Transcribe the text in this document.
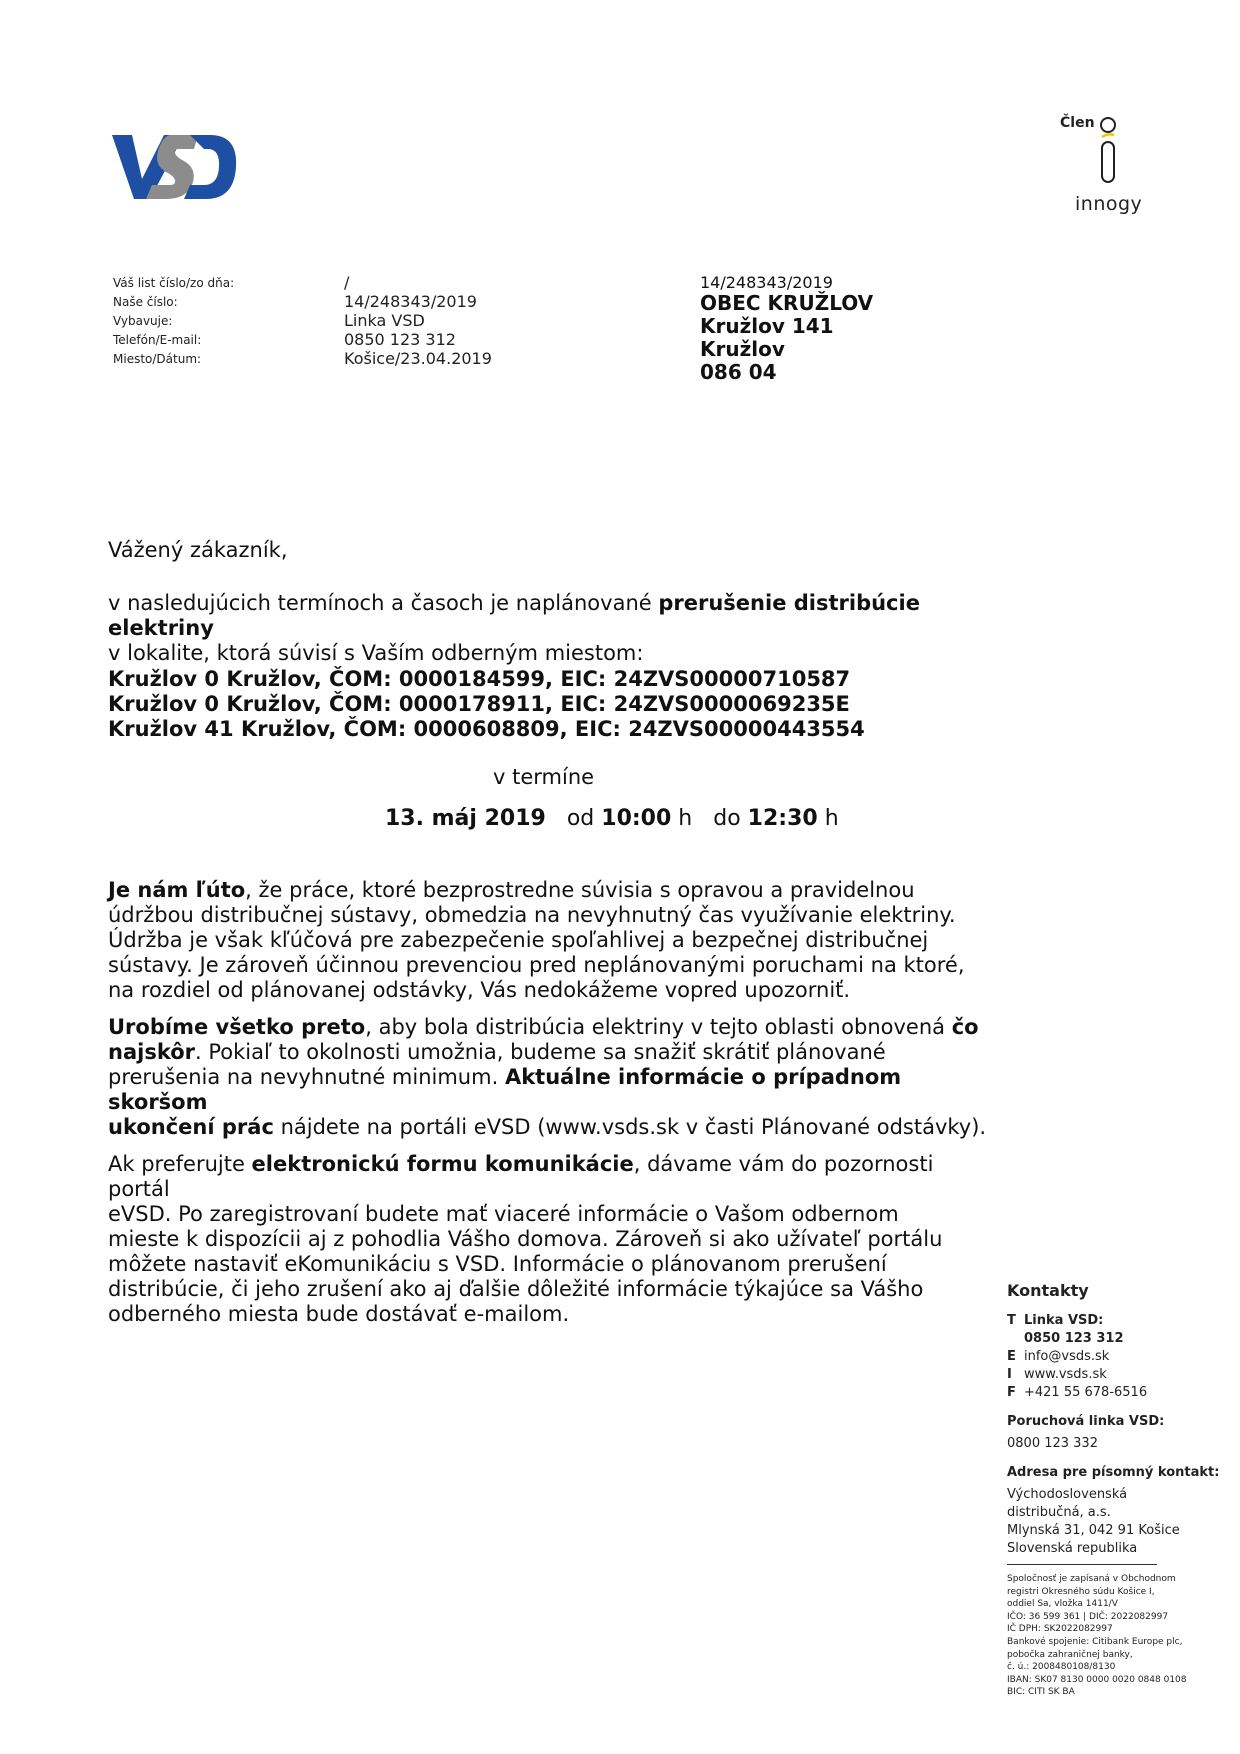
Člen
innogy
Váš list číslo/zo dňa:
Naše číslo:
Vybavuje:
Telefón/E-mail:
Miesto/Dátum:
/
14/248343/2019
Linka VSD
0850 123 312
Košice/23.04.2019
14/248343/2019
OBEC KRUŽLOV
Kružlov 141
Kružlov
086 04
Vážený zákazník,
v nasledujúcich termínoch a časoch je naplánované prerušenie distribúcie elektriny
v lokalite, ktorá súvisí s Vaším odberným miestom:
Kružlov 0 Kružlov, ČOM: 0000184599, EIC: 24ZVS00000710587
Kružlov 0 Kružlov, ČOM: 0000178911, EIC: 24ZVS0000069235E
Kružlov 41 Kružlov, ČOM: 0000608809, EIC: 24ZVS00000443554
v termíne
13. máj 2019 od 10:00 h do 12:30 h
Je nám ľúto, že práce, ktoré bezprostredne súvisia s opravou a pravidelnou
údržbou distribučnej sústavy, obmedzia na nevyhnutný čas využívanie elektriny.
Údržba je však kľúčová pre zabezpečenie spoľahlivej a bezpečnej distribučnej
sústavy. Je zároveň účinnou prevenciou pred neplánovanými poruchami na ktoré,
na rozdiel od plánovanej odstávky, Vás nedokážeme vopred upozorniť.
Urobíme všetko preto, aby bola distribúcia elektriny v tejto oblasti obnovená čo
najskôr. Pokiaľ to okolnosti umožnia, budeme sa snažiť skrátiť plánované
prerušenia na nevyhnutné minimum. Aktuálne informácie o prípadnom skoršom
ukončení prác nájdete na portáli eVSD (www.vsds.sk v časti Plánované odstávky).
Ak preferujte elektronickú formu komunikácie, dávame vám do pozornosti portál
eVSD. Po zaregistrovaní budete mať viaceré informácie o Vašom odbernom
mieste k dispozícii aj z pohodlia Vášho domova. Zároveň si ako užívateľ portálu
môžete nastaviť eKomunikáciu s VSD. Informácie o plánovanom prerušení
distribúcie, či jeho zrušení ako aj ďalšie dôležité informácie týkajúce sa Vášho
odberného miesta bude dostávať e-mailom.
Kontakty
T Linka VSD:
0850 123 312
E info@vsds.sk
I www.vsds.sk
F +421 55 678-6516
Poruchová linka VSD:
0800 123 332
Adresa pre písomný kontakt:
Východoslovenská
distribučná, a.s.
Mlynská 31, 042 91 Košice
Slovenská republika
Spoločnosť je zapísaná v Obchodnom
registri Okresného súdu Košice I,
oddiel Sa, vložka 1411/V
IČO: 36 599 361 | DIČ: 2022082997
IČ DPH: SK2022082997
Bankové spojenie: Citibank Europe plc,
pobočka zahraničnej banky,
č. ú.: 2008480108/8130
IBAN: SK07 8130 0000 0020 0848 0108
BIC: CITI SK BA
